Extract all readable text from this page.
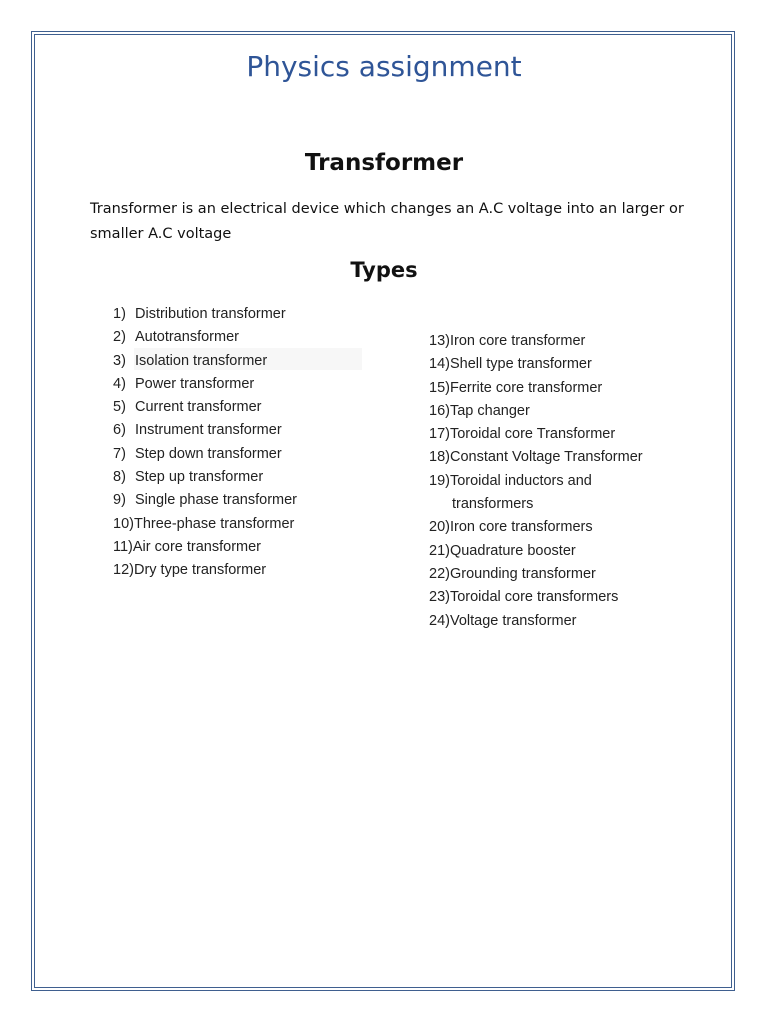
Physics assignment
Transformer
Transformer is an electrical device which changes an A.C voltage into an larger or smaller A.C voltage
Types
1) Distribution transformer
2) Autotransformer
3) Isolation transformer
4) Power transformer
5) Current transformer
6) Instrument transformer
7) Step down transformer
8) Step up transformer
9) Single phase transformer
10)Three-phase transformer
11)Air core transformer
12)Dry type transformer
13)Iron core transformer
14)Shell type transformer
15)Ferrite core transformer
16)Tap changer
17)Toroidal core Transformer
18)Constant Voltage Transformer
19)Toroidal inductors and
transformers
20)Iron core transformers
21)Quadrature booster
22)Grounding transformer
23)Toroidal core transformers
24)Voltage transformer
